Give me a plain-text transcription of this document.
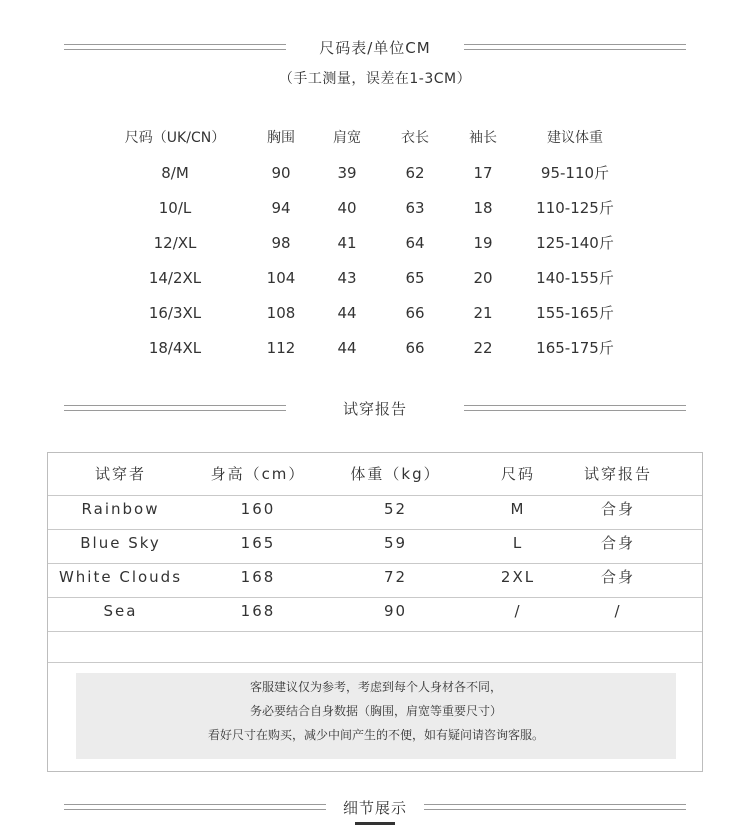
尺码表/单位CM
（手工测量，误差在1-3CM）
尺码（UK/CN）	胸围	肩宽	衣长	袖长	建议体重
8/M	90	39	62	17	95-110斤
10/L	94	40	63	18	110-125斤
12/XL	98	41	64	19	125-140斤
14/2XL	104	43	65	20	140-155斤
16/3XL	108	44	66	21	155-165斤
18/4XL	112	44	66	22	165-175斤
试穿报告
试穿者	身高（cm）	体重（kg）	尺码	试穿报告
Rainbow	160	52	M	合身
Blue Sky	165	59	L	合身
White Clouds	168	72	2XL	合身
Sea	168	90	/	/
客服建议仅为参考，考虑到每个人身材各不同，
务必要结合自身数据（胸围，肩宽等重要尺寸）
看好尺寸在购买，减少中间产生的不便，如有疑问请咨询客服。
细节展示
